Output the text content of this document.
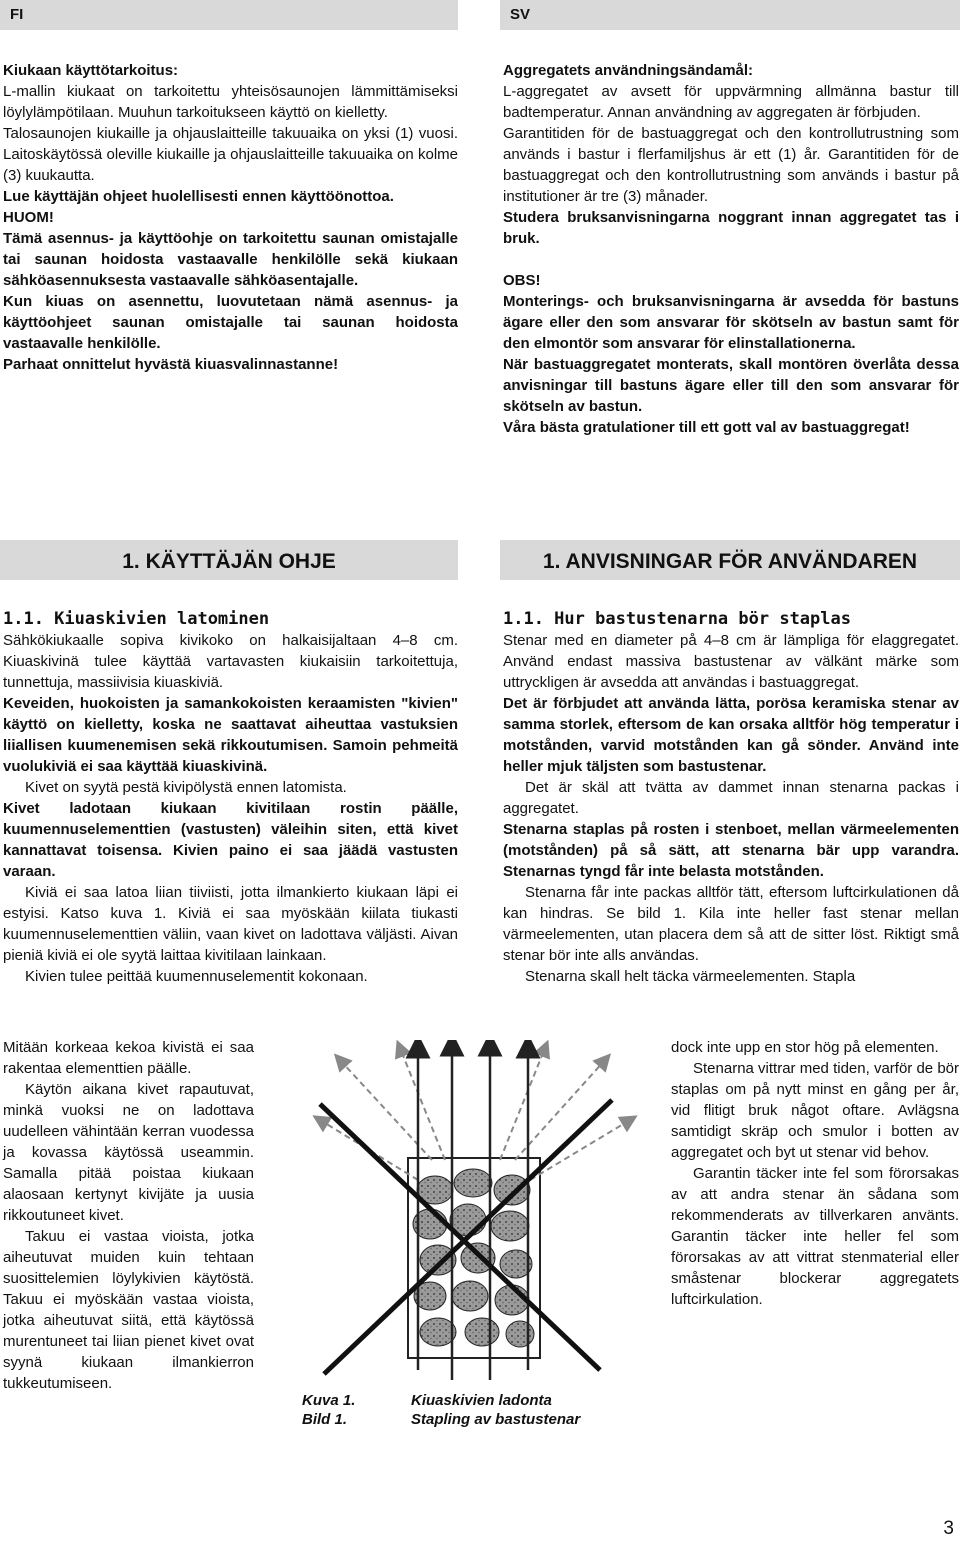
FI	SV

Kiukaan käyttötarkoitus:

L-mallin kiukaat on tarkoitettu yhteisösaunojen lämmittämiseksi löylylämpötilaan. Muuhun tarkoitukseen käyttö on kielletty.

Talosaunojen kiukaille ja ohjauslaitteille takuuaika on yksi (1) vuosi. Laitoskäytössä oleville kiukaille ja ohjauslaitteille takuuaika on kolme (3) kuukautta.

Lue käyttäjän ohjeet huolellisesti ennen käyttöönottoa.

HUOM!

Tämä asennus- ja käyttöohje on tarkoitettu saunan omistajalle tai saunan hoidosta vastaavalle henkilölle sekä kiukaan sähköasennuksesta vastaavalle sähköasentajalle.

Kun kiuas on asennettu, luovutetaan nämä asennus- ja käyttöohjeet saunan omistajalle tai saunan hoidosta vastaavalle henkilölle.

Parhaat onnittelut hyvästä kiuasvalinnastanne!

Aggregatets användningsändamål:

L-aggregatet av avsett för uppvärmning allmänna bastur till badtemperatur. Annan användning av aggregaten är förbjuden.

Garantitiden för de bastuaggregat och den kontrollutrustning som används i bastur i flerfamiljshus är ett (1) år. Garantitiden för de bastuaggregat och den kontrollutrustning som används i bastur på institutioner är tre (3) månader.

Studera bruksanvisningarna noggrant innan aggregatet tas i bruk.

OBS!

Monterings- och bruksanvisningarna är avsedda för bastuns ägare eller den som ansvarar för skötseln av bastun samt för den elmontör som ansvarar för elinstallationerna.

När bastuaggregatet monterats, skall montören överlåta dessa anvisningar till bastuns ägare eller till den som ansvarar för skötseln av bastun.

Våra bästa gratulationer till ett gott val av bastuaggregat!

1. KÄYTTÄJÄN OHJE	1. ANVISNINGAR FÖR ANVÄNDAREN
1.1. Kiuaskivien latominen	1.1. Hur bastustenarna bör staplas

Sähkökiukaalle sopiva kivikoko on halkaisijaltaan 4–8 cm. Kiuaskivinä tulee käyttää vartavasten kiukaisiin tarkoitettuja, tunnettuja, massiivisia kiuaskiviä.

Keveiden, huokoisten ja samankokoisten keraamisten "kivien" käyttö on kielletty, koska ne saattavat aiheuttaa vastuksien liiallisen kuumenemisen sekä rikkoutumisen. Samoin pehmeitä vuolukiviä ei saa käyttää kiuaskivinä.

Kivet on syytä pestä kivipölystä ennen latomista.

Kivet ladotaan kiukaan kivitilaan rostin päälle, kuumennuselementtien (vastusten) väleihin siten, että kivet kannattavat toisensa. Kivien paino ei saa jäädä vastusten varaan.

Kiviä ei saa latoa liian tiiviisti, jotta ilmankierto kiukaan läpi ei estyisi. Katso kuva 1. Kiviä ei saa myöskään kiilata tiukasti kuumennuselementtien väliin, vaan kivet on ladottava väljästi. Aivan pieniä kiviä ei ole syytä laittaa kivitilaan lainkaan.

Kivien tulee peittää kuumennuselementit kokonaan.

Stenar med en diameter på 4–8 cm är lämpliga för elaggregatet. Använd endast massiva bastustenar av välkänt märke som uttryckligen är avsedda att användas i bastuaggregat.

Det är förbjudet att använda lätta, porösa keramiska stenar av samma storlek, eftersom de kan orsaka alltför hög temperatur i motstånden, varvid motstånden kan gå sönder. Använd inte heller mjuk täljsten som bastustenar.

Det är skäl att tvätta av dammet innan stenarna packas i aggregatet.

Stenarna staplas på rosten i stenboet, mellan värmeelementen (motstånden) på så sätt, att stenarna bär upp varandra. Stenarnas tyngd får inte belasta motstånden.

Stenarna får inte packas alltför tätt, eftersom luftcirkulationen då kan hindras. Se bild 1. Kila inte heller fast stenar mellan värmeelementen, utan placera dem så att de sitter löst. Riktigt små stenar bör inte alls användas.

Stenarna skall helt täcka värmeelementen. Stapla

Mitään korkeaa kekoa kivistä ei saa rakentaa elementtien päälle.

Käytön aikana kivet rapautuvat, minkä vuoksi ne on ladottava uudelleen vähintään kerran vuodessa ja kovassa käytössä useammin. Samalla pitää poistaa kiukaan alaosaan kertynyt kivijäte ja uusia rikkoutuneet kivet.

Takuu ei vastaa vioista, jotka aiheutuvat muiden kuin tehtaan suosittelemien löylykivien käytöstä. Takuu ei myöskään vastaa vioista, jotka aiheutuvat siitä, että käytössä murentuneet tai liian pienet kivet ovat syynä kiukaan ilmankierron tukkeutumiseen.

dock inte upp en stor hög på elementen.

Stenarna vittrar med tiden, varför de bör staplas om på nytt minst en gång per år, vid flitigt bruk något oftare. Avlägsna samtidigt skräp och smulor i botten av aggregatet och byt ut stenar vid behov.

Garantin täcker inte fel som förorsakas av att andra stenar än sådana som rekommenderats av tillverkaren använts. Garantin täcker inte heller fel som förorsakas av att vittrat stenmaterial eller småstenar blockerar aggregatets luftcirkulation.

Kuva 1.
Bild 1.
Kiuaskivien ladonta
Stapling av bastustenar
3
